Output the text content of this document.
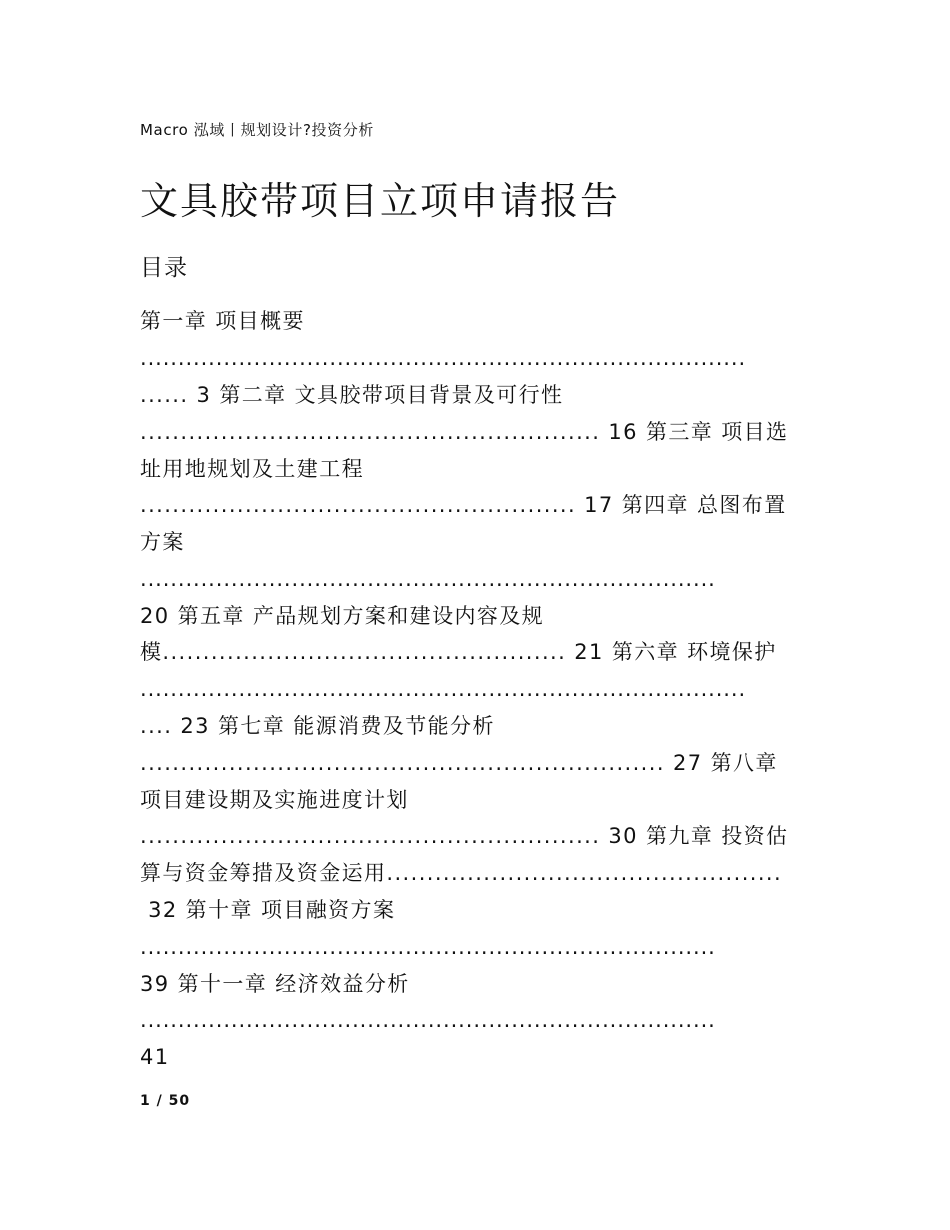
Macro 泓域丨规划设计?投资分析
文具胶带项目立项申请报告
目录
第一章 项目概要
................................................................................
...... 3 第二章 文具胶带项目背景及可行性
......................................................... 16 第三章 项目选
址用地规划及土建工程
...................................................... 17 第四章 总图布置
方案
............................................................................
20 第五章 产品规划方案和建设内容及规
模.................................................. 21 第六章 环境保护
................................................................................
.... 23 第七章 能源消费及节能分析
................................................................. 27 第八章
项目建设期及实施进度计划
......................................................... 30 第九章 投资估
算与资金筹措及资金运用.................................................
32 第十章 项目融资方案
............................................................................
39 第十一章 经济效益分析
............................................................................
41
1 / 50
